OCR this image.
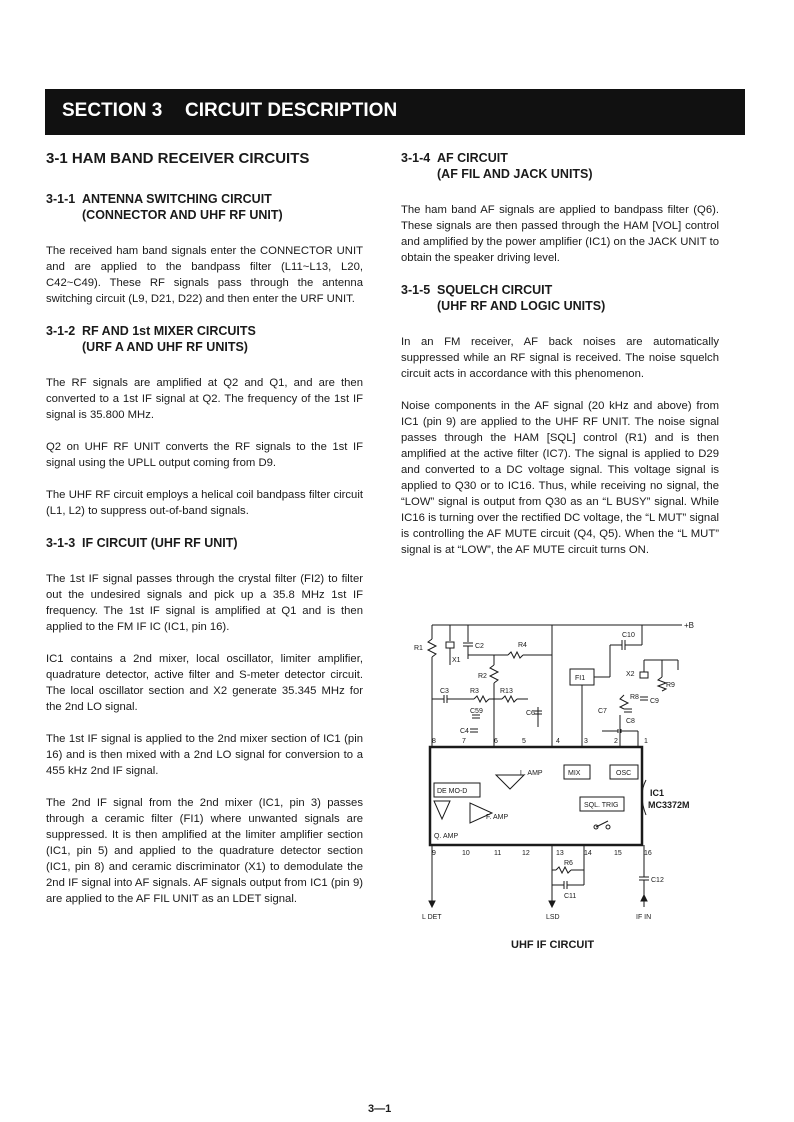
SECTION 3 CIRCUIT DESCRIPTION
3-1 HAM BAND RECEIVER CIRCUITS
3-1-1 ANTENNA SWITCHING CIRCUIT
(CONNECTOR AND UHF RF UNIT)

The received ham band signals enter the CONNECTOR UNIT and are applied to the bandpass filter (L11~L13, L20, C42~C49). These RF signals pass through the antenna switching circuit (L9, D21, D22) and then enter the URF UNIT.

3-1-2 RF AND 1st MIXER CIRCUITS
(URF A AND UHF RF UNITS)

The RF signals are amplified at Q2 and Q1, and are then converted to a 1st IF signal at Q2. The frequency of the 1st IF signal is 35.800 MHz.

Q2 on UHF RF UNIT converts the RF signals to the 1st IF signal using the UPLL output coming from D9.

The UHF RF circuit employs a helical coil bandpass filter circuit (L1, L2) to suppress out-of-band signals.

3-1-3 IF CIRCUIT (UHF RF UNIT)

The 1st IF signal passes through the crystal filter (FI2) to filter out the undesired signals and pick up a 35.8 MHz 1st IF frequency. The 1st IF signal is amplified at Q1 and is then applied to the FM IF IC (IC1, pin 16).

IC1 contains a 2nd mixer, local oscillator, limiter amplifier, quadrature detector, active filter and S-meter detector circuit. The local oscillator section and X2 generate 35.345 MHz for the 2nd LO signal.

The 1st IF signal is applied to the 2nd mixer section of IC1 (pin 16) and is then mixed with a 2nd LO signal for conversion to a 455 kHz 2nd IF signal.

The 2nd IF signal from the 2nd mixer (IC1, pin 3) passes through a ceramic filter (FI1) where unwanted signals are suppressed. It is then amplified at the limiter amplifier section (IC1, pin 5) and applied to the quadrature detector section (IC1, pin 8) and ceramic discriminator (X1) to demodulate the 2nd IF signal into AF signals. AF signals output from IC1 (pin 9) are applied to the AF FIL UNIT as an LDET signal.

3-1-4 AF CIRCUIT
(AF FIL AND JACK UNITS)

The ham band AF signals are applied to bandpass filter (Q6). These signals are then passed through the HAM [VOL] control and amplified by the power amplifier (IC1) on the JACK UNIT to obtain the speaker driving level.

3-1-5 SQUELCH CIRCUIT
(UHF RF AND LOGIC UNITS)

In an FM receiver, AF back noises are automatically suppressed while an RF signal is received. The noise squelch circuit acts in accordance with this phenomenon.

Noise components in the AF signal (20 kHz and above) from IC1 (pin 9) are applied to the UHF RF UNIT. The noise signal passes through the HAM [SQL] control (R1) and is then amplified at the active filter (IC7). The signal is applied to D29 and converted to a DC voltage signal. This voltage signal is applied to Q30 or to IC16. Thus, while receiving no signal, the “LOW” signal is output from Q30 as an “L BUSY” signal. While IC16 is turning over the rectified DC voltage, the “L MUT” signal is controlling the AF MUTE circuit (Q4, Q5). When the “L MUT” signal is at “LOW”, the AF MUTE circuit turns ON.

+B
R1
X1
C2	R4
C10
R2	FI1
X2
R9
C3	R3	R13
C9
C59	C6	C7
R8
C8
C4
IC1
MC3372M
8	7	6	5	4	3	2	1
9	10	11	12	13	14	15	16
MIX	OSC
L. AMP
DE MO-D
SQL. TRIG
F. AMP
Q. AMP
L DET	LSD
R6
C11
C12
IF IN
UHF IF CIRCUIT
3—1
